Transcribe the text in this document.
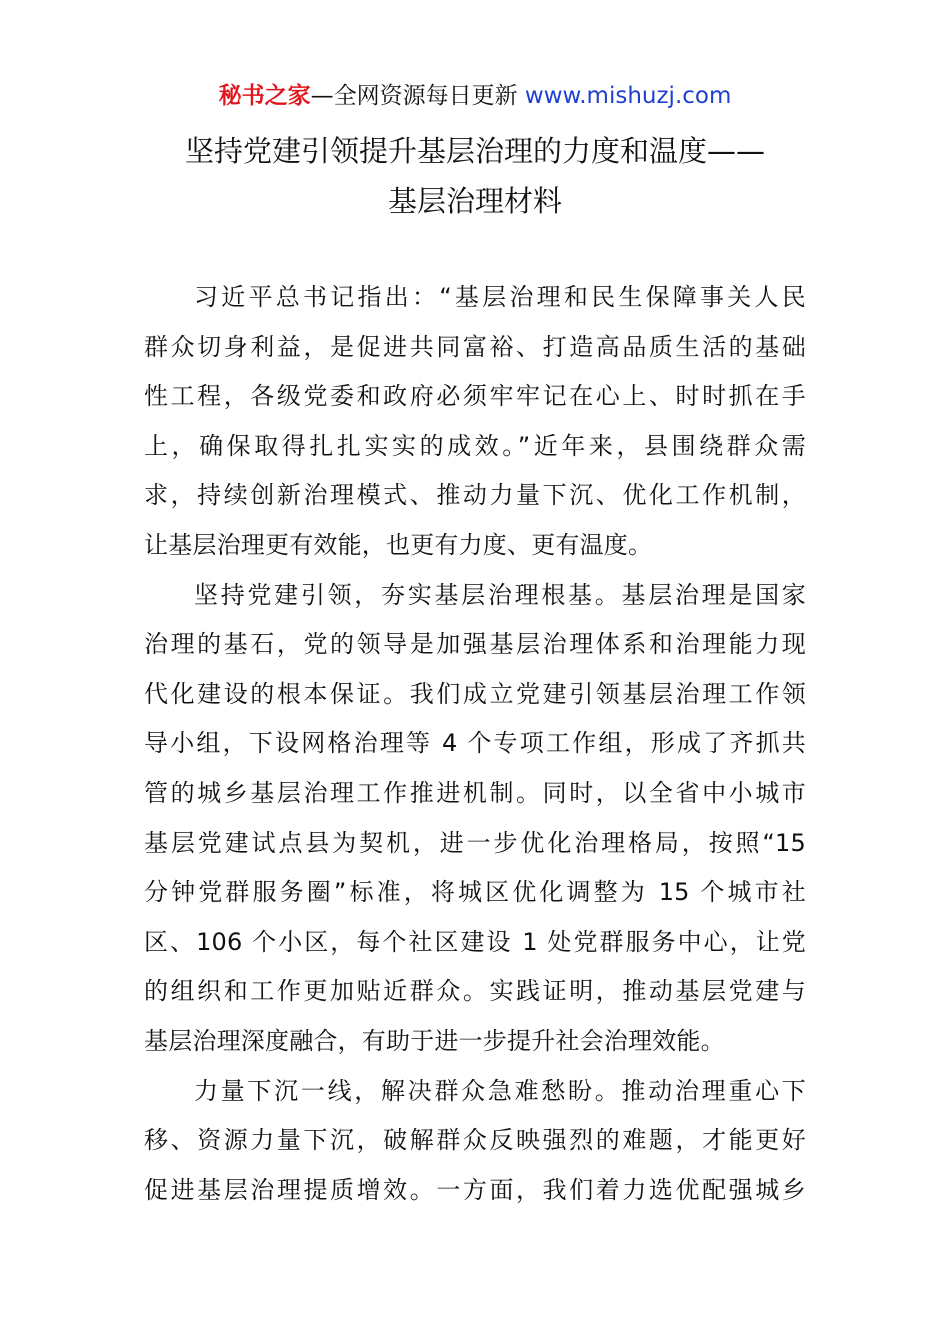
秘书之家—全网资源每日更新 www.mishuzj.com
坚持党建引领提升基层治理的力度和温度——
基层治理材料
习近平总书记指出：“基层治理和民生保障事关人民
群众切身利益，是促进共同富裕、打造高品质生活的基础
性工程，各级党委和政府必须牢牢记在心上、时时抓在手
上，确保取得扎扎实实的成效。”近年来，县围绕群众需
求，持续创新治理模式、推动力量下沉、优化工作机制，
让基层治理更有效能，也更有力度、更有温度。
坚持党建引领，夯实基层治理根基。基层治理是国家
治理的基石，党的领导是加强基层治理体系和治理能力现
代化建设的根本保证。我们成立党建引领基层治理工作领
导小组，下设网格治理等 4 个专项工作组，形成了齐抓共
管的城乡基层治理工作推进机制。同时，以全省中小城市
基层党建试点县为契机，进一步优化治理格局，按照“15
分钟党群服务圈”标准，将城区优化调整为 15 个城市社
区、106 个小区，每个社区建设 1 处党群服务中心，让党
的组织和工作更加贴近群众。实践证明，推动基层党建与
基层治理深度融合，有助于进一步提升社会治理效能。
力量下沉一线，解决群众急难愁盼。推动治理重心下
移、资源力量下沉，破解群众反映强烈的难题，才能更好
促进基层治理提质增效。一方面，我们着力选优配强城乡
